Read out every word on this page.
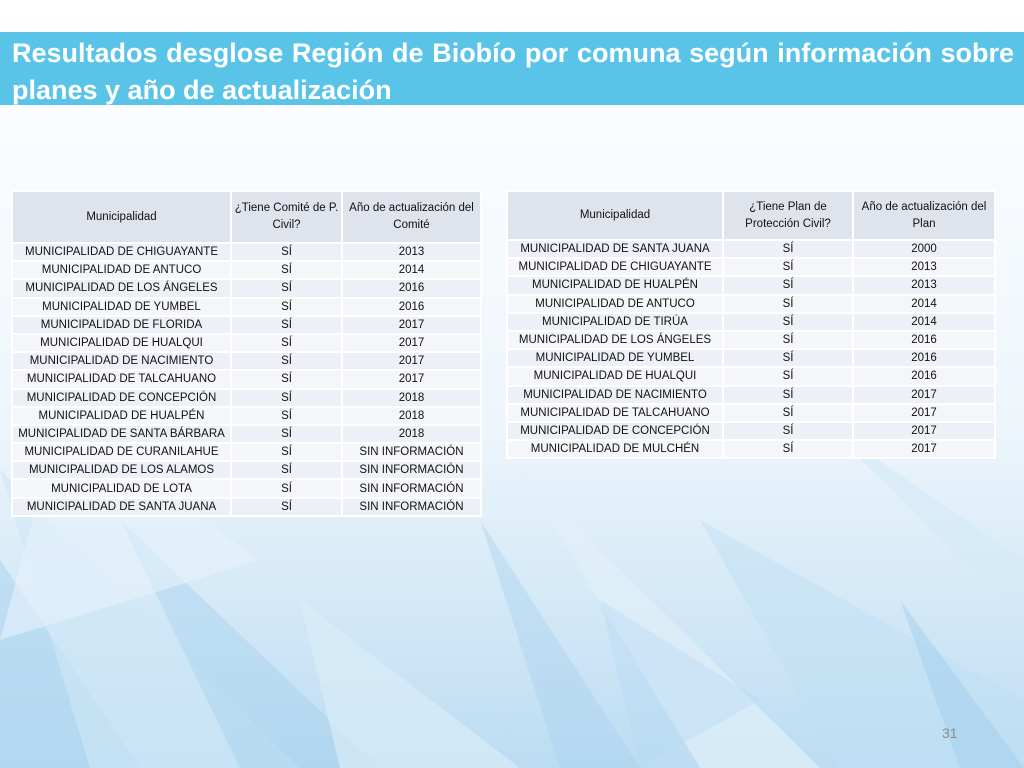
Resultados desglose Región de Biobío por comuna según información sobre planes y año de actualización
Municipalidad	¿Tiene Comité de P. Civil?	Año de actualización del Comité
MUNICIPALIDAD DE CHIGUAYANTE	SÍ	2013
MUNICIPALIDAD DE ANTUCO	SÍ	2014
MUNICIPALIDAD DE LOS ÁNGELES	SÍ	2016
MUNICIPALIDAD DE YUMBEL	SÍ	2016
MUNICIPALIDAD DE FLORIDA	SÍ	2017
MUNICIPALIDAD DE HUALQUI	SÍ	2017
MUNICIPALIDAD DE NACIMIENTO	SÍ	2017
MUNICIPALIDAD DE TALCAHUANO	SÍ	2017
MUNICIPALIDAD DE CONCEPCIÓN	SÍ	2018
MUNICIPALIDAD DE HUALPÉN	SÍ	2018
MUNICIPALIDAD DE SANTA BÁRBARA	SÍ	2018
MUNICIPALIDAD DE CURANILAHUE	SÍ	SIN INFORMACIÓN
MUNICIPALIDAD DE LOS ALAMOS	SÍ	SIN INFORMACIÓN
MUNICIPALIDAD DE LOTA	SÍ	SIN INFORMACIÓN
MUNICIPALIDAD DE SANTA JUANA	SÍ	SIN INFORMACIÓN
Municipalidad	¿Tiene Plan de Protección Civil?	Año de actualización del Plan
MUNICIPALIDAD DE SANTA JUANA	SÍ	2000
MUNICIPALIDAD DE CHIGUAYANTE	SÍ	2013
MUNICIPALIDAD DE HUALPÉN	SÍ	2013
MUNICIPALIDAD DE ANTUCO	SÍ	2014
MUNICIPALIDAD DE TIRÚA	SÍ	2014
MUNICIPALIDAD DE LOS ÁNGELES	SÍ	2016
MUNICIPALIDAD DE YUMBEL	SÍ	2016
MUNICIPALIDAD DE HUALQUI	SÍ	2016
MUNICIPALIDAD DE NACIMIENTO	SÍ	2017
MUNICIPALIDAD DE TALCAHUANO	SÍ	2017
MUNICIPALIDAD DE CONCEPCIÓN	SÍ	2017
MUNICIPALIDAD DE MULCHÉN	SÍ	2017
31
